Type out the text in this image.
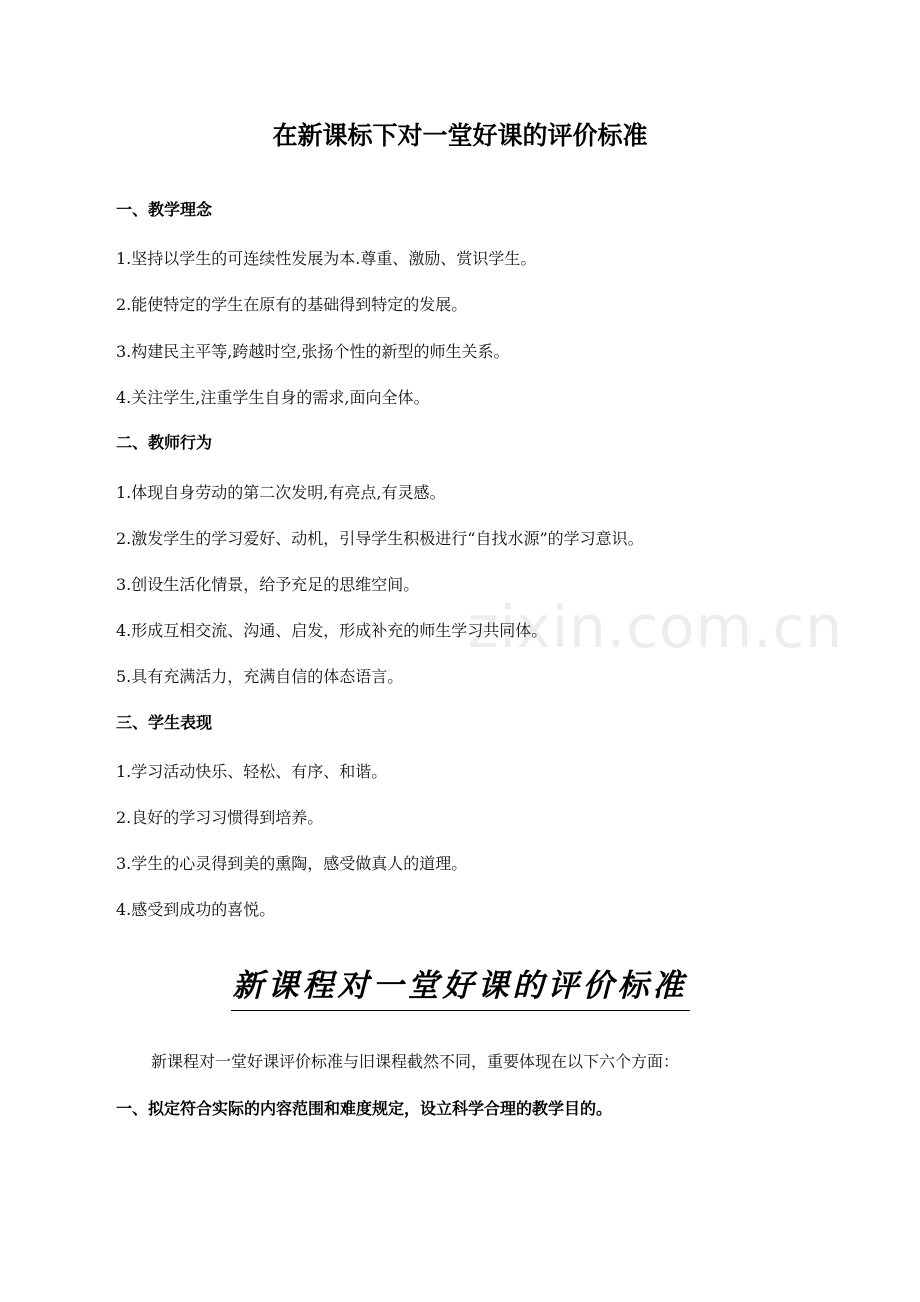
zixin.com.cn
在新课标下对一堂好课的评价标准
一、教学理念
1.坚持以学生的可连续性发展为本.尊重、激励、赏识学生。
2.能使特定的学生在原有的基础得到特定的发展。
3.构建民主平等,跨越时空,张扬个性的新型的师生关系。
4.关注学生,注重学生自身的需求,面向全体。
二、教师行为
1.体现自身劳动的第二次发明,有亮点,有灵感。
2.激发学生的学习爱好、动机，引导学生积极进行“自找水源”的学习意识。
3.创设生活化情景，给予充足的思维空间。
4.形成互相交流、沟通、启发，形成补充的师生学习共同体。
5.具有充满活力，充满自信的体态语言。
三、学生表现
1.学习活动快乐、轻松、有序、和谐。
2.良好的学习习惯得到培养。
3.学生的心灵得到美的熏陶，感受做真人的道理。
4.感受到成功的喜悦。
新课程对一堂好课的评价标准
新课程对一堂好课评价标准与旧课程截然不同，重要体现在以下六个方面：
一、拟定符合实际的内容范围和难度规定，设立科学合理的教学目的。
